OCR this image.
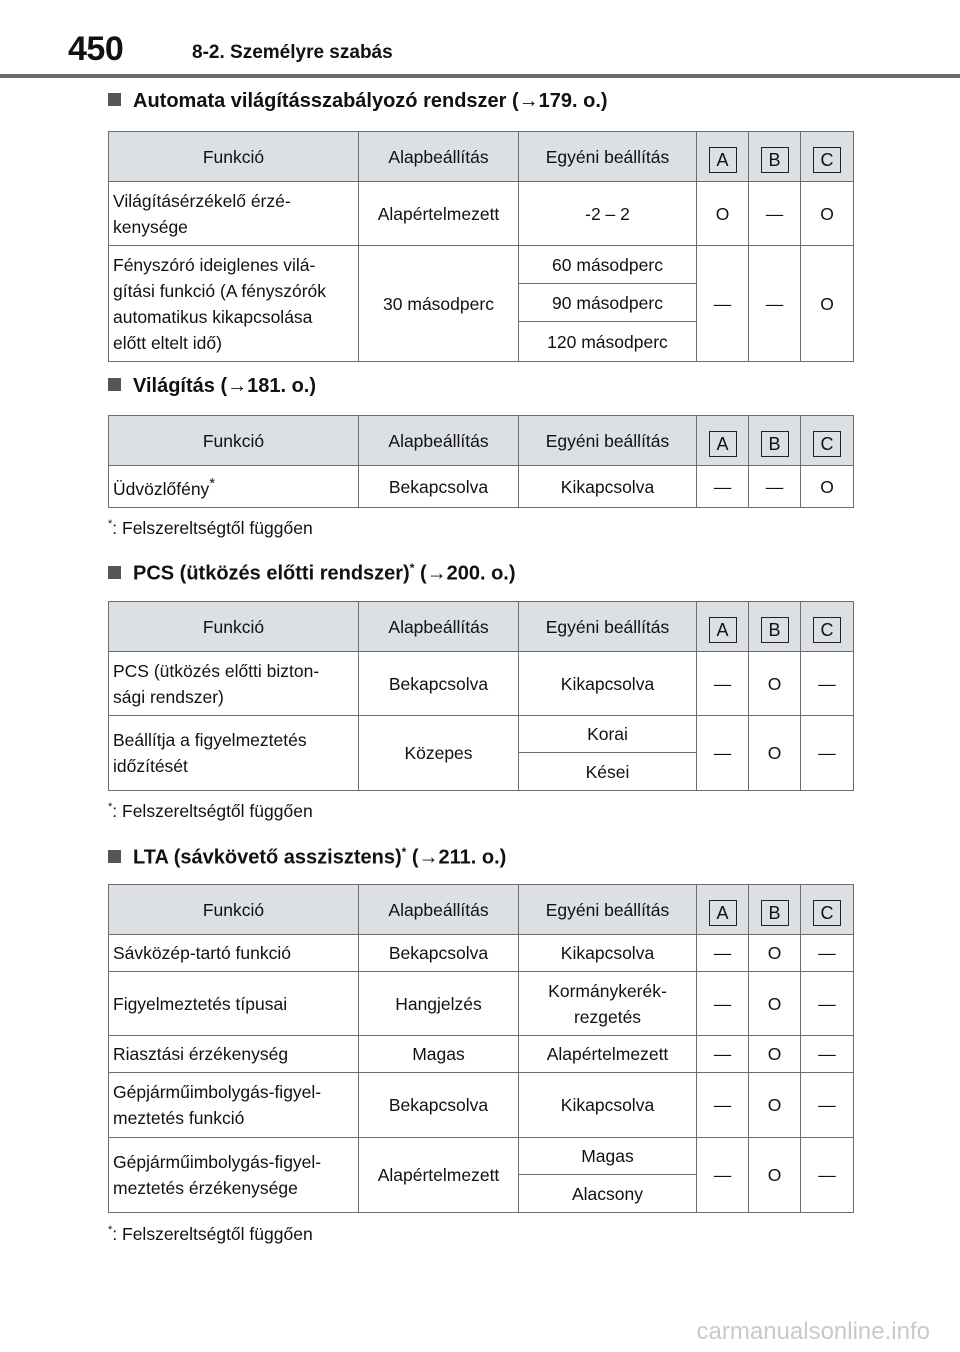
450	8-2. Személyre szabás
Automata világításszabályozó rendszer (→179. o.)
Funkció	Alapbeállítás	Egyéni beállítás	A	B	C
Világításérzékelő érzé-
kenysége	Alapértelmezett	-2 – 2	O	—	O
Fényszóró ideiglenes vilá-
gítási funkció (A fényszórók
automatikus kikapcsolása
előtt eltelt idő)	30 másodperc	60 másodperc	—	—	O
		90 másodperc			
		120 másodperc			
Világítás (→181. o.)
Funkció	Alapbeállítás	Egyéni beállítás	A	B	C
Üdvözlőfény*	Bekapcsolva	Kikapcsolva	—	—	O
*: Felszereltségtől függően
PCS (ütközés előtti rendszer)* (→200. o.)
Funkció	Alapbeállítás	Egyéni beállítás	A	B	C
PCS (ütközés előtti bizton-
sági rendszer)	Bekapcsolva	Kikapcsolva	—	O	—
Beállítja a figyelmeztetés
időzítését	Közepes	Korai	—	O	—
		Kései			
*: Felszereltségtől függően
LTA (sávkövető asszisztens)* (→211. o.)
Funkció	Alapbeállítás	Egyéni beállítás	A	B	C
Sávközép-tartó funkció	Bekapcsolva	Kikapcsolva	—	O	—
Figyelmeztetés típusai	Hangjelzés	Kormánykerék-
rezgetés	—	O	—
Riasztási érzékenység	Magas	Alapértelmezett	—	O	—
Gépjárműimbolygás-figyel-
meztetés funkció	Bekapcsolva	Kikapcsolva	—	O	—
Gépjárműimbolygás-figyel-
meztetés érzékenysége	Alapértelmezett	Magas	—	O	—
		Alacsony			
*: Felszereltségtől függően
carmanualsonline.info
